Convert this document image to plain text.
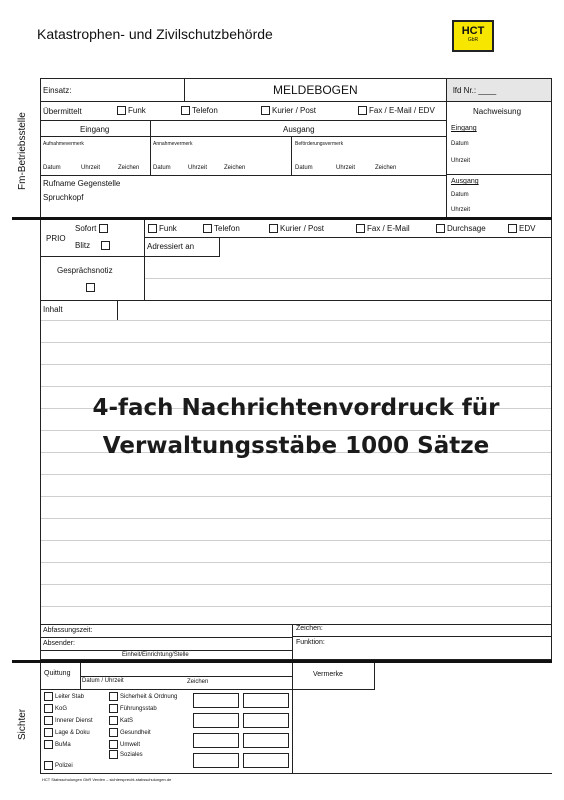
Katastrophen- und Zivilschutzbehörde	HCT
GbR
Fm-Betriebsstelle
Sichter
Einsatz:	MELDEBOGEN	lfd Nr.: ____
Übermittelt	Funk	Telefon	Kurier / Post	Fax / E-Mail / EDV	Nachweisung
Eingang	Ausgang
Aufnahmevermerk	Annahmevermerk	Beförderungsvermerk
Datum	Uhrzeit	Zeichen Datum	Uhrzeit	Zeichen	Datum	Uhrzeit	Zeichen
Rufname Gegenstelle
Spruchkopf
Eingang
Datum
Uhrzeit
Ausgang
Datum
Uhrzeit
PRIO
Sofort
Blitz
Funk	Telefon	Kurier / Post	Fax / E-Mail	Durchsage	EDV
Adressiert an
Gesprächsnotiz
Inhalt
4-fach Nachrichtenvordruck für
Verwaltungsstäbe 1000 Sätze
Abfassungszeit:	Zeichen:
Absender:	Funktion:
Einheit/Einrichtung/Stelle
Quittung
Datum / Uhrzeit	Zeichen
Vermerke
Leiter Stab
KoG
Innerer Dienst
Lage & Doku
BuMa
Polizei
Sicherheit & Ordnung
Führungsstab
KatS
Gesundheit
Umwelt
Soziales
HCT Stabsschulungen GbR Verden – sichtersprecht-stabsschulungen.de
